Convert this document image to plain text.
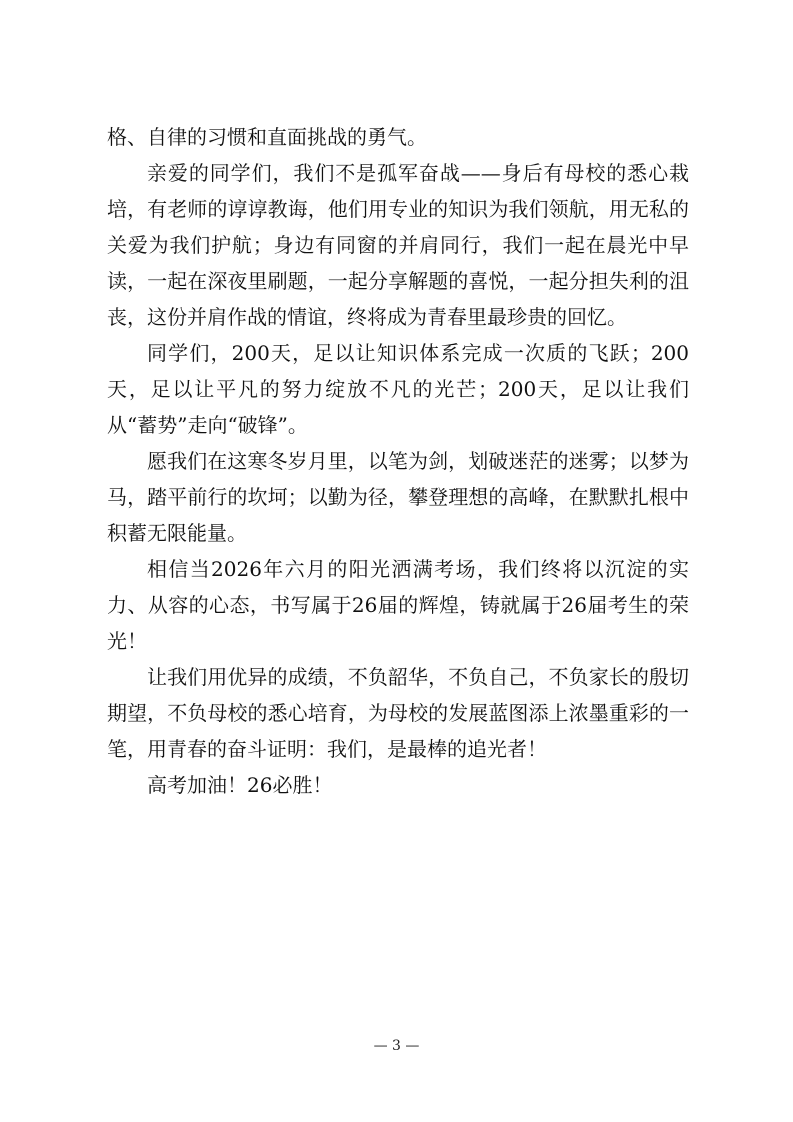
格、自律的习惯和直面挑战的勇气。

亲爱的同学们，我们不是孤军奋战——身后有母校的悉心栽培，有老师的谆谆教诲，他们用专业的知识为我们领航，用无私的关爱为我们护航；身边有同窗的并肩同行，我们一起在晨光中早读，一起在深夜里刷题，一起分享解题的喜悦，一起分担失利的沮丧，这份并肩作战的情谊，终将成为青春里最珍贵的回忆。

同学们，200天，足以让知识体系完成一次质的飞跃；200天，足以让平凡的努力绽放不凡的光芒；200天，足以让我们从“蓄势”走向“破锋”。

愿我们在这寒冬岁月里，以笔为剑，划破迷茫的迷雾；以梦为马，踏平前行的坎坷；以勤为径，攀登理想的高峰，在默默扎根中积蓄无限能量。

相信当2026年六月的阳光洒满考场，我们终将以沉淀的实力、从容的心态，书写属于26届的辉煌，铸就属于26届考生的荣光！

让我们用优异的成绩，不负韶华，不负自己，不负家长的殷切期望，不负母校的悉心培育，为母校的发展蓝图添上浓墨重彩的一笔，用青春的奋斗证明：我们，是最棒的追光者！

高考加油！26必胜！

— 3 —
